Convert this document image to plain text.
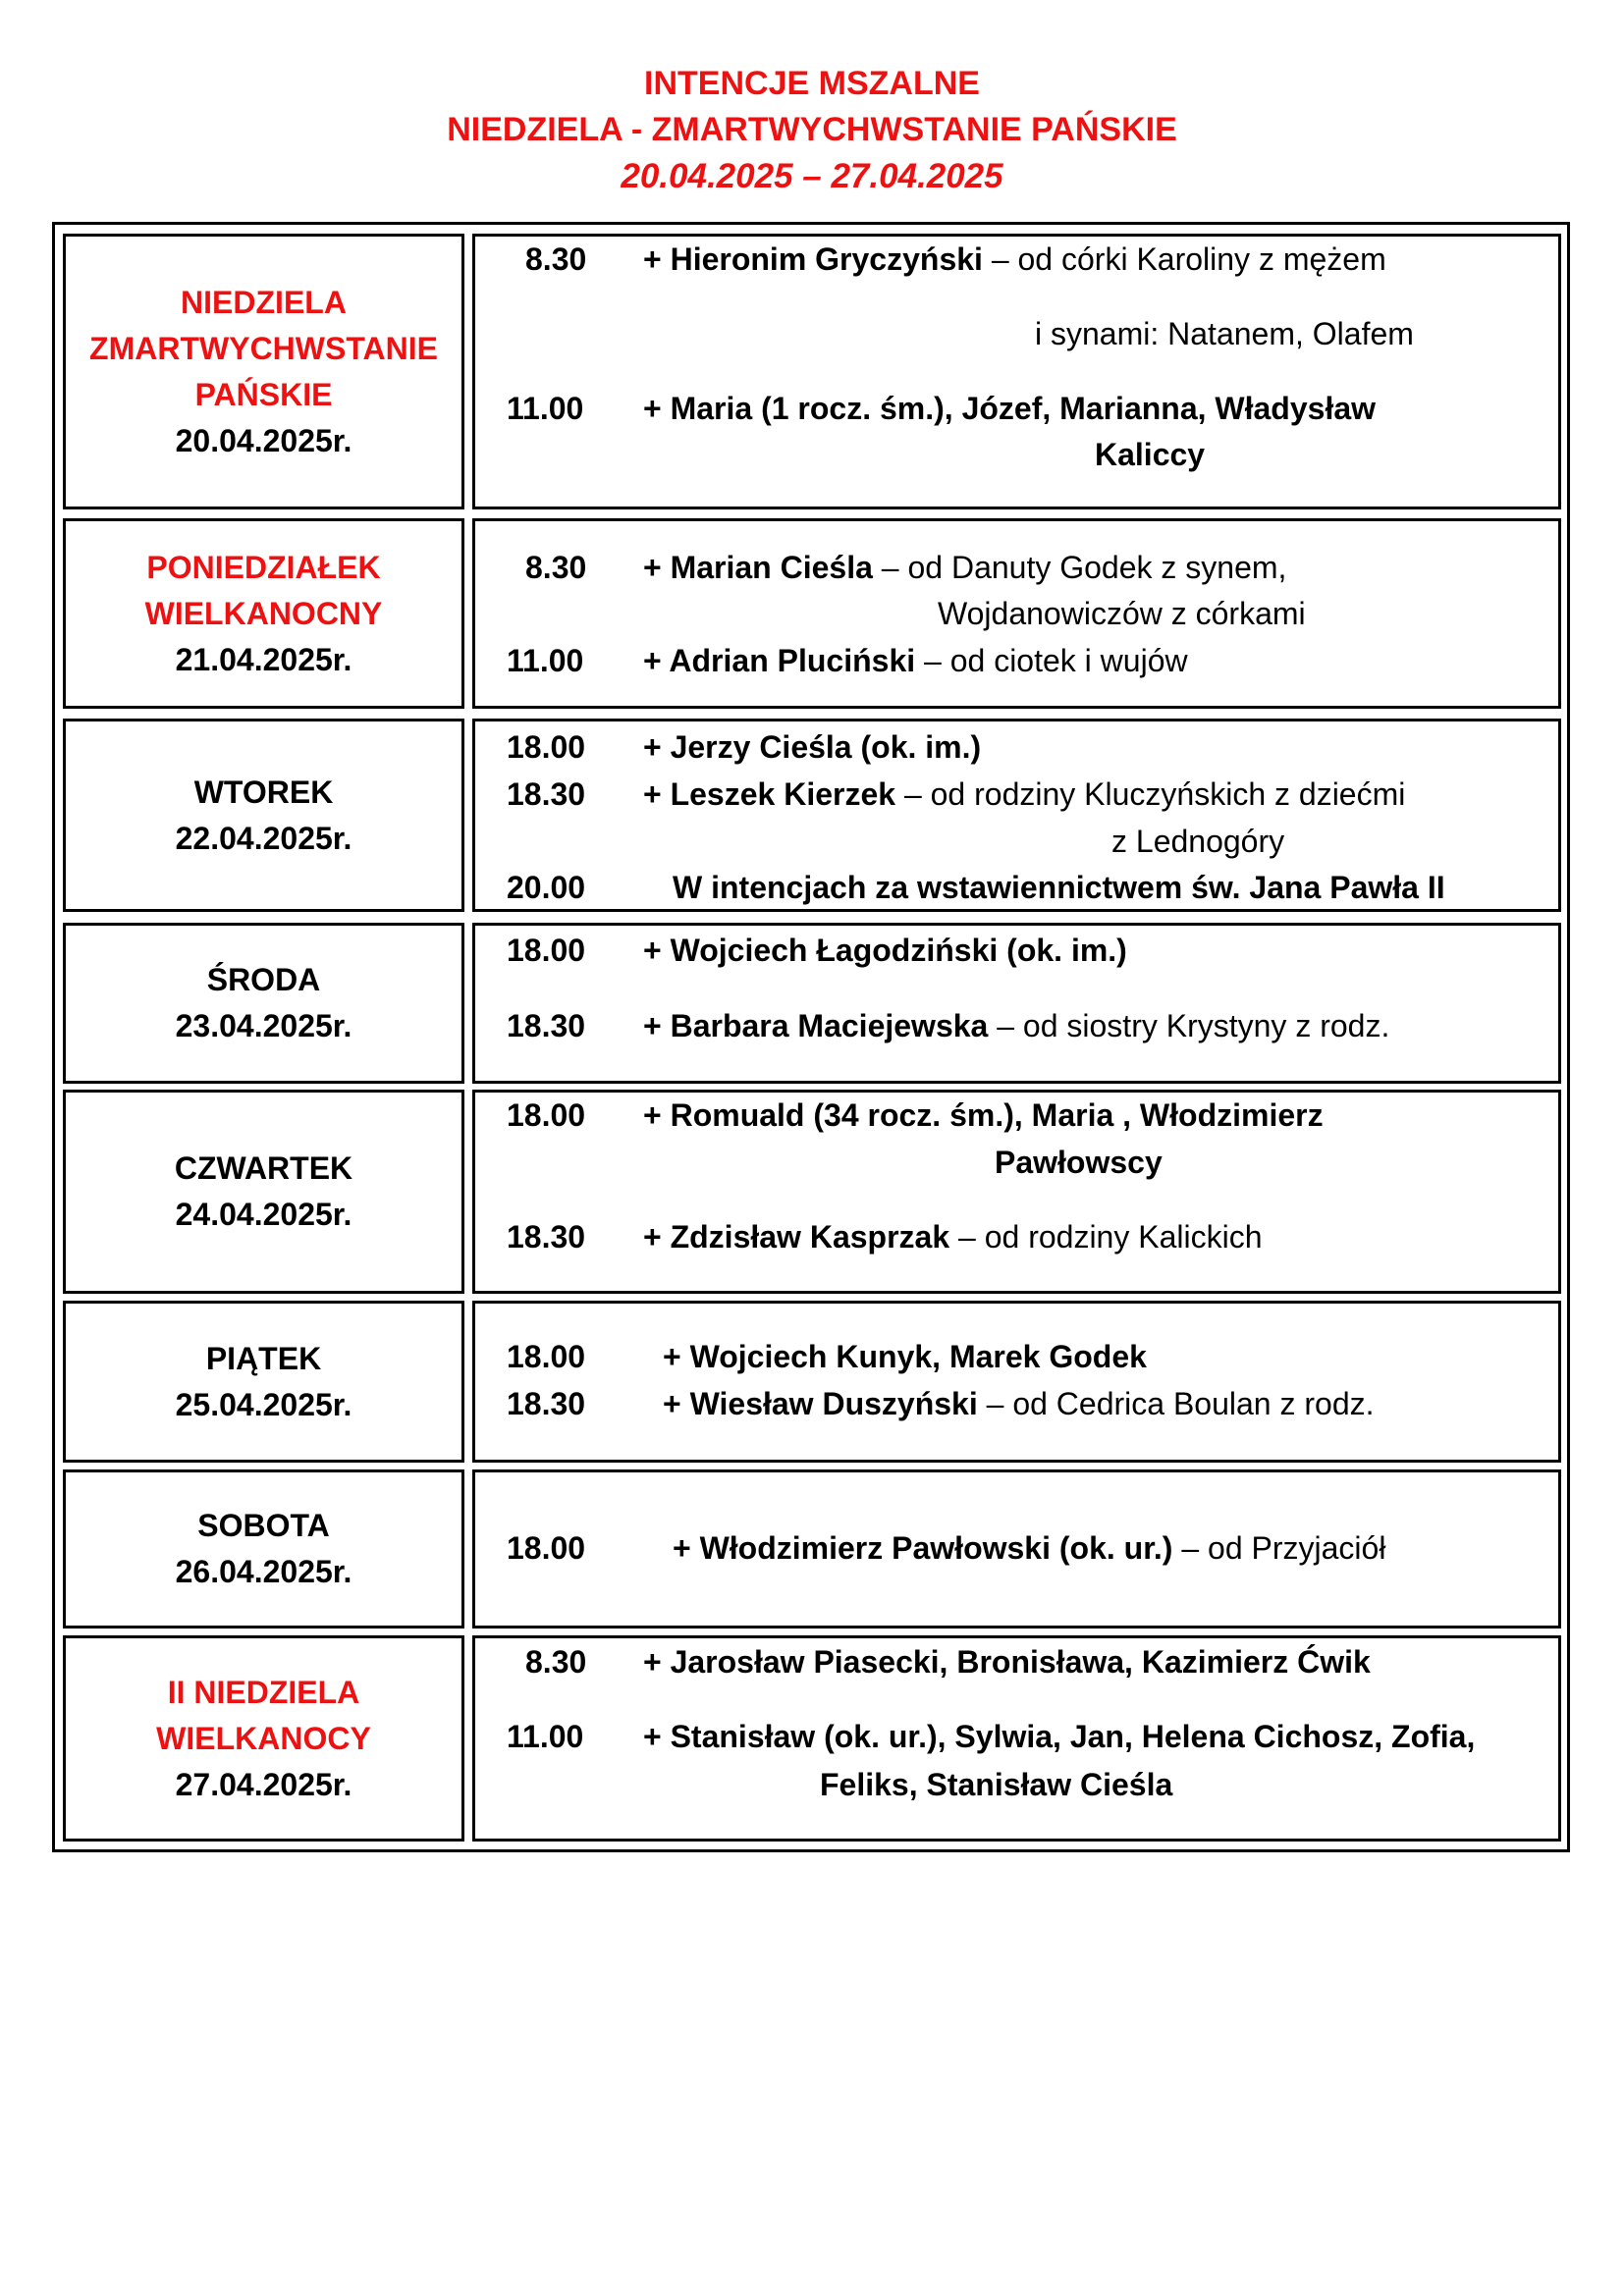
INTENCJE MSZALNE
NIEDZIELA - ZMARTWYCHWSTANIE PAŃSKIE
20.04.2025 – 27.04.2025
NIEDZIELA
ZMARTWYCHWSTANIE
PAŃSKIE
20.04.2025r.
8.30 + Hieronim Gryczyński – od córki Karoliny z mężem
i synami: Natanem, Olafem
11.00 + Maria (1 rocz. śm.), Józef, Marianna, Władysław
Kaliccy
PONIEDZIAŁEK
WIELKANOCNY
21.04.2025r.
8.30 + Marian Cieśla – od Danuty Godek z synem,
Wojdanowiczów z córkami
11.00 + Adrian Pluciński – od ciotek i wujów
WTOREK
22.04.2025r.
18.00 + Jerzy Cieśla (ok. im.)
18.30 + Leszek Kierzek – od rodziny Kluczyńskich z dziećmi
z Lednogóry
20.00	W intencjach za wstawiennictwem św. Jana Pawła II
ŚRODA
23.04.2025r.
18.00 + Wojciech Łagodziński (ok. im.)
18.30 + Barbara Maciejewska – od siostry Krystyny z rodz.
CZWARTEK
24.04.2025r.
18.00 + Romuald (34 rocz. śm.), Maria , Włodzimierz
Pawłowscy
18.30 + Zdzisław Kasprzak – od rodziny Kalickich
PIĄTEK
25.04.2025r.
18.00 + Wojciech Kunyk, Marek Godek
18.30 + Wiesław Duszyński – od Cedrica Boulan z rodz.
SOBOTA
26.04.2025r.
18.00	+ Włodzimierz Pawłowski (ok. ur.) – od Przyjaciół
II NIEDZIELA
WIELKANOCY
27.04.2025r.
8.30 + Jarosław Piasecki, Bronisława, Kazimierz Ćwik
11.00 + Stanisław (ok. ur.), Sylwia, Jan, Helena Cichosz, Zofia,
Feliks, Stanisław Cieśla
